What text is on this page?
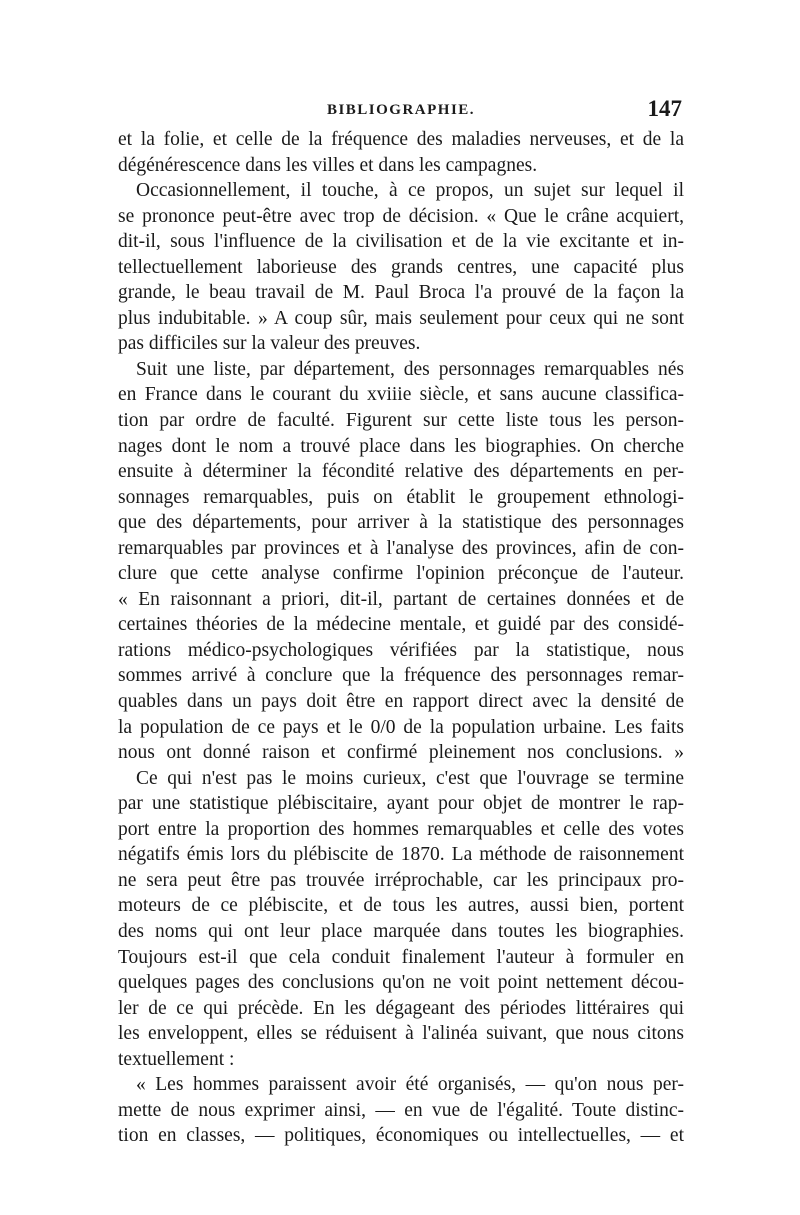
BIBLIOGRAPHIE.	147
et la folie, et celle de la fréquence des maladies nerveuses, et de la
dégénérescence dans les villes et dans les campagnes.
Occasionnellement, il touche, à ce propos, un sujet sur lequel il
se prononce peut-être avec trop de décision. « Que le crâne acquiert,
dit-il, sous l'influence de la civilisation et de la vie excitante et in-
tellectuellement laborieuse des grands centres, une capacité plus
grande, le beau travail de M. Paul Broca l'a prouvé de la façon la
plus indubitable. » A coup sûr, mais seulement pour ceux qui ne sont
pas difficiles sur la valeur des preuves.
Suit une liste, par département, des personnages remarquables nés
en France dans le courant du xviiie siècle, et sans aucune classifica-
tion par ordre de faculté. Figurent sur cette liste tous les person-
nages dont le nom a trouvé place dans les biographies. On cherche
ensuite à déterminer la fécondité relative des départements en per-
sonnages remarquables, puis on établit le groupement ethnologi-
que des départements, pour arriver à la statistique des personnages
remarquables par provinces et à l'analyse des provinces, afin de con-
clure que cette analyse confirme l'opinion préconçue de l'auteur.
« En raisonnant a priori, dit-il, partant de certaines données et de
certaines théories de la médecine mentale, et guidé par des considé-
rations médico-psychologiques vérifiées par la statistique, nous
sommes arrivé à conclure que la fréquence des personnages remar-
quables dans un pays doit être en rapport direct avec la densité de
la population de ce pays et le 0/0 de la population urbaine. Les faits
nous ont donné raison et confirmé pleinement nos conclusions. »
Ce qui n'est pas le moins curieux, c'est que l'ouvrage se termine
par une statistique plébiscitaire, ayant pour objet de montrer le rap-
port entre la proportion des hommes remarquables et celle des votes
négatifs émis lors du plébiscite de 1870. La méthode de raisonnement
ne sera peut être pas trouvée irréprochable, car les principaux pro-
moteurs de ce plébiscite, et de tous les autres, aussi bien, portent
des noms qui ont leur place marquée dans toutes les biographies.
Toujours est-il que cela conduit finalement l'auteur à formuler en
quelques pages des conclusions qu'on ne voit point nettement décou-
ler de ce qui précède. En les dégageant des périodes littéraires qui
les enveloppent, elles se réduisent à l'alinéa suivant, que nous citons
textuellement :
« Les hommes paraissent avoir été organisés, — qu'on nous per-
mette de nous exprimer ainsi, — en vue de l'égalité. Toute distinc-
tion en classes, — politiques, économiques ou intellectuelles, — et
